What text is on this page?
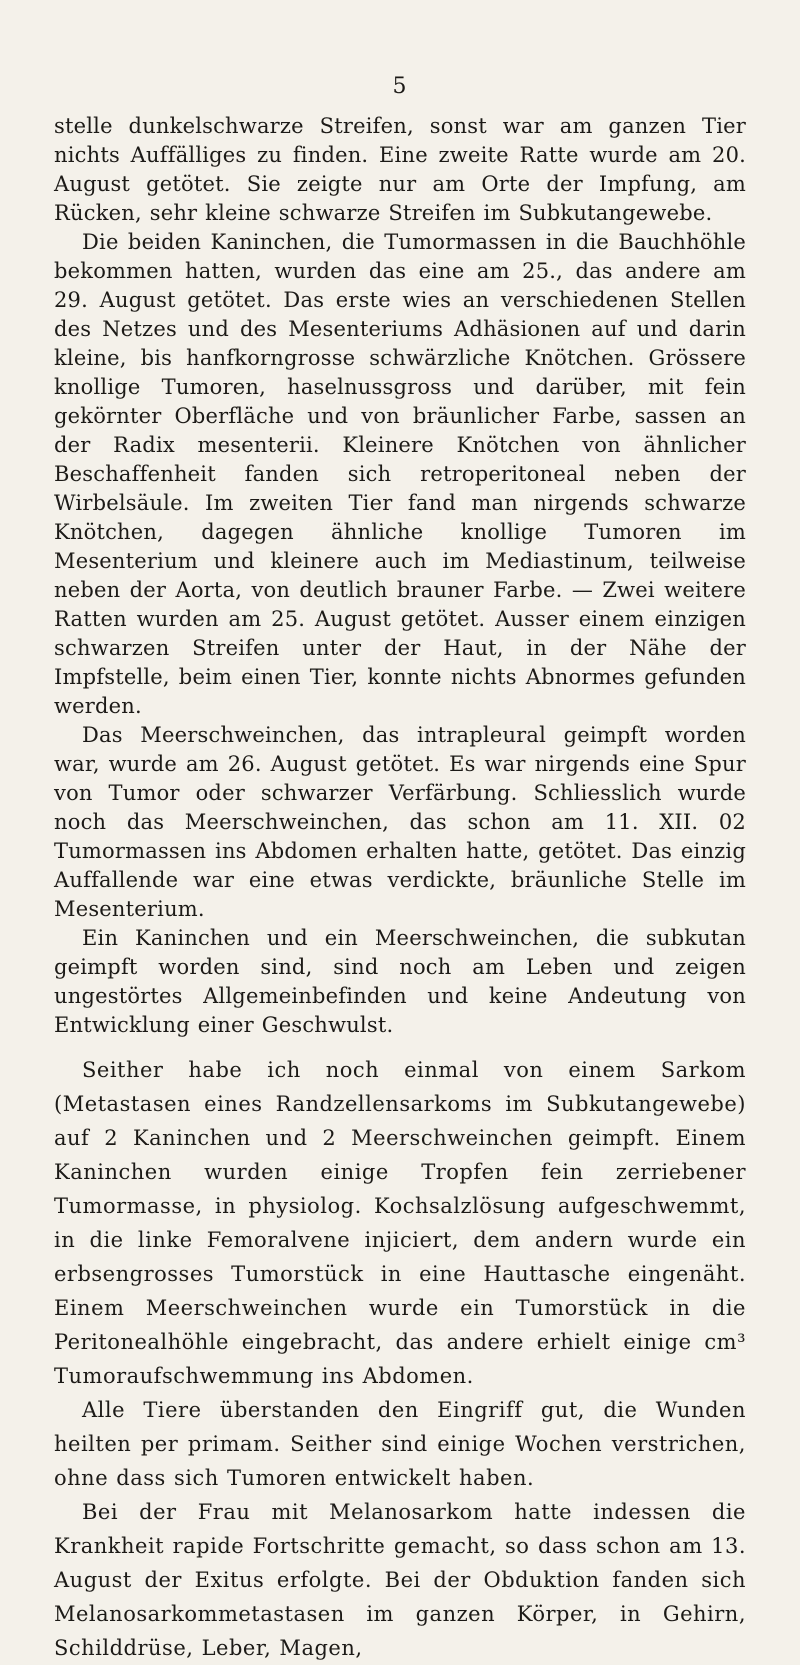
5

stelle dunkelschwarze Streifen, sonst war am ganzen Tier nichts Auffälliges zu finden. Eine zweite Ratte wurde am 20. August getötet. Sie zeigte nur am Orte der Impfung, am Rücken, sehr kleine schwarze Streifen im Subkutangewebe.

Die beiden Kaninchen, die Tumormassen in die Bauchhöhle bekommen hatten, wurden das eine am 25., das andere am 29. August getötet. Das erste wies an verschiedenen Stellen des Netzes und des Mesenteriums Adhäsionen auf und darin kleine, bis hanfkorngrosse schwärzliche Knötchen. Grössere knollige Tumoren, haselnussgross und darüber, mit fein gekörnter Oberfläche und von bräunlicher Farbe, sassen an der Radix mesenterii. Kleinere Knötchen von ähnlicher Beschaffenheit fanden sich retroperitoneal neben der Wirbelsäule. Im zweiten Tier fand man nirgends schwarze Knötchen, dagegen ähnliche knollige Tumoren im Mesenterium und kleinere auch im Mediastinum, teilweise neben der Aorta, von deutlich brauner Farbe. — Zwei weitere Ratten wurden am 25. August getötet. Ausser einem einzigen schwarzen Streifen unter der Haut, in der Nähe der Impfstelle, beim einen Tier, konnte nichts Abnormes gefunden werden.

Das Meerschweinchen, das intrapleural geimpft worden war, wurde am 26. August getötet. Es war nirgends eine Spur von Tumor oder schwarzer Verfärbung. Schliesslich wurde noch das Meerschweinchen, das schon am 11. XII. 02 Tumormassen ins Abdomen erhalten hatte, getötet. Das einzig Auffallende war eine etwas verdickte, bräunliche Stelle im Mesenterium.

Ein Kaninchen und ein Meerschweinchen, die subkutan geimpft worden sind, sind noch am Leben und zeigen ungestörtes Allgemeinbefinden und keine Andeutung von Entwicklung einer Geschwulst.

Seither habe ich noch einmal von einem Sarkom (Metastasen eines Randzellensarkoms im Subkutangewebe) auf 2 Kaninchen und 2 Meerschweinchen geimpft. Einem Kaninchen wurden einige Tropfen fein zerriebener Tumormasse, in physiolog. Kochsalzlösung aufgeschwemmt, in die linke Femoralvene injiciert, dem andern wurde ein erbsengrosses Tumorstück in eine Hauttasche eingenäht. Einem Meerschweinchen wurde ein Tumorstück in die Peritonealhöhle eingebracht, das andere erhielt einige cm³ Tumoraufschwemmung ins Abdomen.

Alle Tiere überstanden den Eingriff gut, die Wunden heilten per primam. Seither sind einige Wochen verstrichen, ohne dass sich Tumoren entwickelt haben.

Bei der Frau mit Melanosarkom hatte indessen die Krankheit rapide Fortschritte gemacht, so dass schon am 13. August der Exitus erfolgte. Bei der Obduktion fanden sich Melanosarkommetastasen im ganzen Körper, in Gehirn, Schilddrüse, Leber, Magen,
